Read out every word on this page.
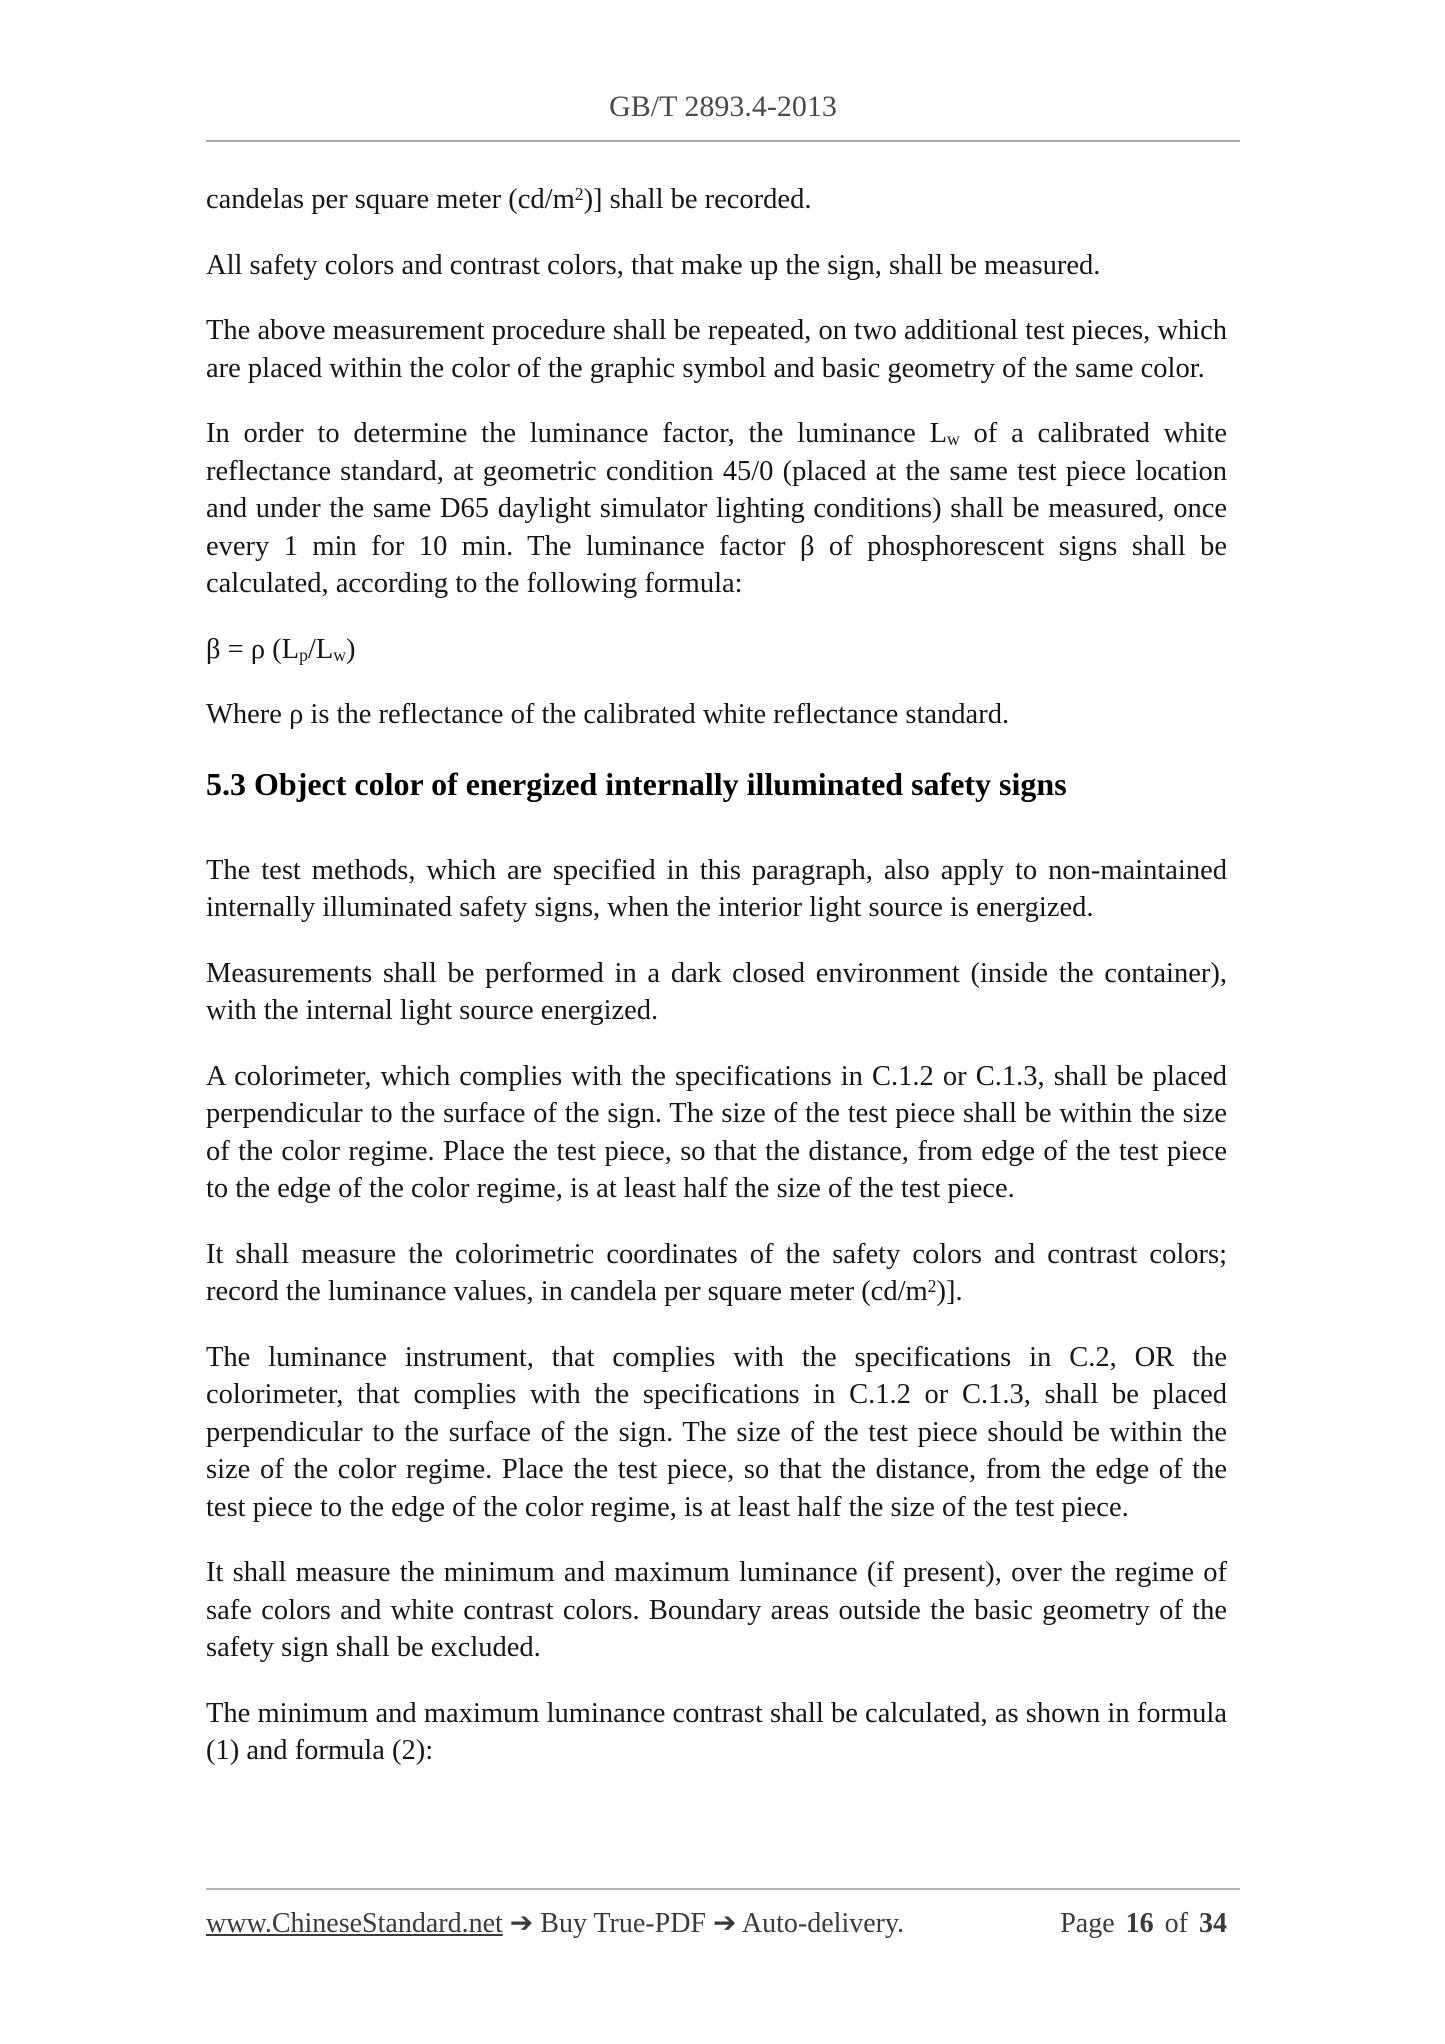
GB/T 2893.4-2013

candelas per square meter $(cd/m^2)$] shall be recorded.

All safety colors and contrast colors, that make up the sign, shall be measured.

The above measurement procedure shall be repeated, on two additional test pieces, which are placed within the color of the graphic symbol and basic geometry of the same color.

In order to determine the luminance factor, the luminance Lw of a calibrated white reflectance standard, at geometric condition 45/0 (placed at the same test piece location and under the same D65 daylight simulator lighting conditions) shall be measured, once every 1 min for 10 min. The luminance factor β of phosphorescent signs shall be calculated, according to the following formula:

β = ρ (Lp/Lw)

Where ρ is the reflectance of the calibrated white reflectance standard.

5.3 Object color of energized internally illuminated safety signs

The test methods, which are specified in this paragraph, also apply to non-maintained internally illuminated safety signs, when the interior light source is energized.

Measurements shall be performed in a dark closed environment (inside the container), with the internal light source energized.

A colorimeter, which complies with the specifications in C.1.2 or C.1.3, shall be placed perpendicular to the surface of the sign. The size of the test piece shall be within the size of the color regime. Place the test piece, so that the distance, from edge of the test piece to the edge of the color regime, is at least half the size of the test piece.

It shall measure the colorimetric coordinates of the safety colors and contrast colors; record the luminance values, in candela per square meter $(cd/m^2)$].

The luminance instrument, that complies with the specifications in C.2, OR the colorimeter, that complies with the specifications in C.1.2 or C.1.3, shall be placed perpendicular to the surface of the sign. The size of the test piece should be within the size of the color regime. Place the test piece, so that the distance, from the edge of the test piece to the edge of the color regime, is at least half the size of the test piece.

It shall measure the minimum and maximum luminance (if present), over the regime of safe colors and white contrast colors. Boundary areas outside the basic geometry of the safety sign shall be excluded.

The minimum and maximum luminance contrast shall be calculated, as shown in formula (1) and formula (2):

www.ChineseStandard.net ➔ Buy True-PDF ➔ Auto-delivery.	Page 16 of 34
